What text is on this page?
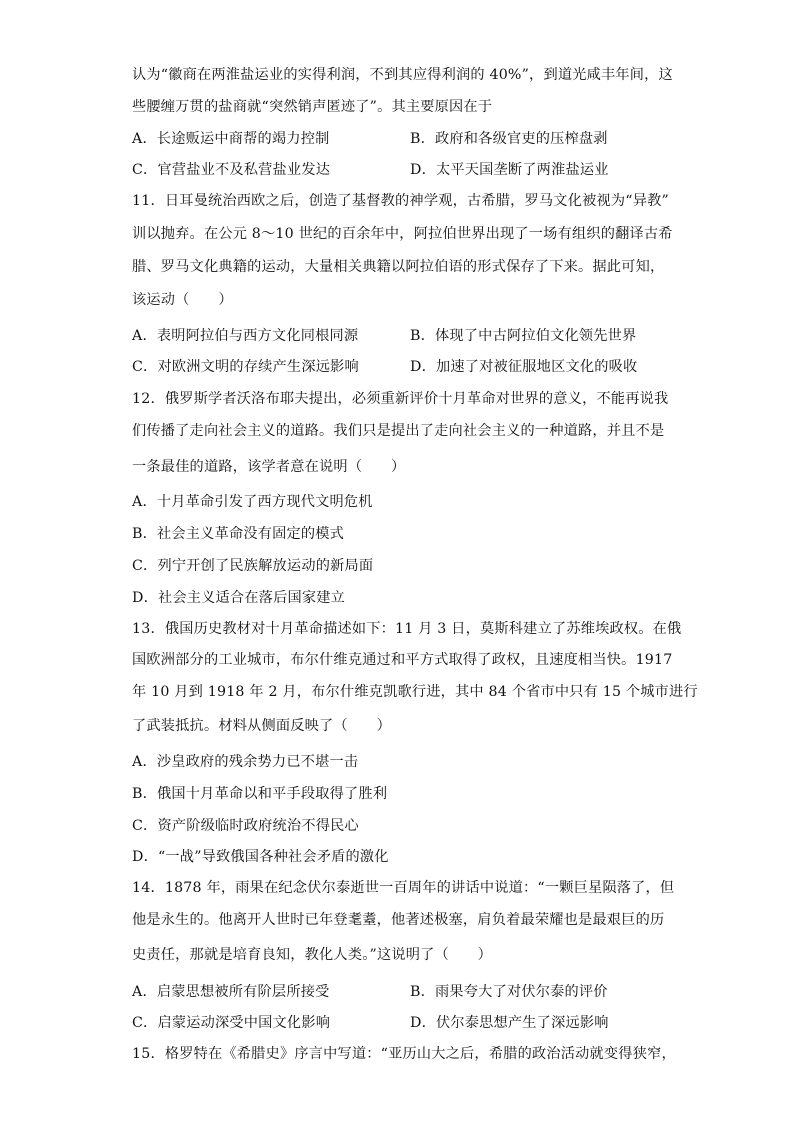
认为“徽商在两淮盐运业的实得利润，不到其应得利润的 40%”，到道光咸丰年间，这
些腰缠万贯的盐商就“突然销声匿迹了”。其主要原因在于
A．长途贩运中商帮的竭力控制	B．政府和各级官吏的压榨盘剥
C．官营盐业不及私营盐业发达	D．太平天国垄断了两淮盐运业
11．日耳曼统治西欧之后，创造了基督教的神学观，古希腊，罗马文化被视为“异教”
训以抛弃。在公元 8～10 世纪的百余年中，阿拉伯世界出现了一场有组织的翻译古希
腊、罗马文化典籍的运动，大量相关典籍以阿拉伯语的形式保存了下来。据此可知，
该运动（　　）
A．表明阿拉伯与西方文化同根同源	B．体现了中古阿拉伯文化领先世界
C．对欧洲文明的存续产生深远影响	D．加速了对被征服地区文化的吸收
12．俄罗斯学者沃洛布耶夫提出，必须重新评价十月革命对世界的意义，不能再说我
们传播了走向社会主义的道路。我们只是提出了走向社会主义的一种道路，并且不是
一条最佳的道路，该学者意在说明（　　）
A．十月革命引发了西方现代文明危机
B．社会主义革命没有固定的模式
C．列宁开创了民族解放运动的新局面
D．社会主义适合在落后国家建立
13．俄国历史教材对十月革命描述如下：11 月 3 日，莫斯科建立了苏维埃政权。在俄
国欧洲部分的工业城市，布尔什维克通过和平方式取得了政权，且速度相当快。1917
年 10 月到 1918 年 2 月，布尔什维克凯歌行进，其中 84 个省市中只有 15 个城市进行
了武装抵抗。材料从侧面反映了（　　）
A．沙皇政府的残余势力已不堪一击
B．俄国十月革命以和平手段取得了胜利
C．资产阶级临时政府统治不得民心
D．“一战”导致俄国各种社会矛盾的激化
14．1878 年，雨果在纪念伏尔泰逝世一百周年的讲话中说道：“一颗巨星陨落了，但
他是永生的。他离开人世时已年登耄耋，他著述极塞，肩负着最荣耀也是最艰巨的历
史责任，那就是培育良知，教化人类。”这说明了（　　）
A．启蒙思想被所有阶层所接受	B．雨果夸大了对伏尔泰的评价
C．启蒙运动深受中国文化影响	D．伏尔泰思想产生了深远影响
15．格罗特在《希腊史》序言中写道：“亚历山大之后，希腊的政治活动就变得狭窄，
